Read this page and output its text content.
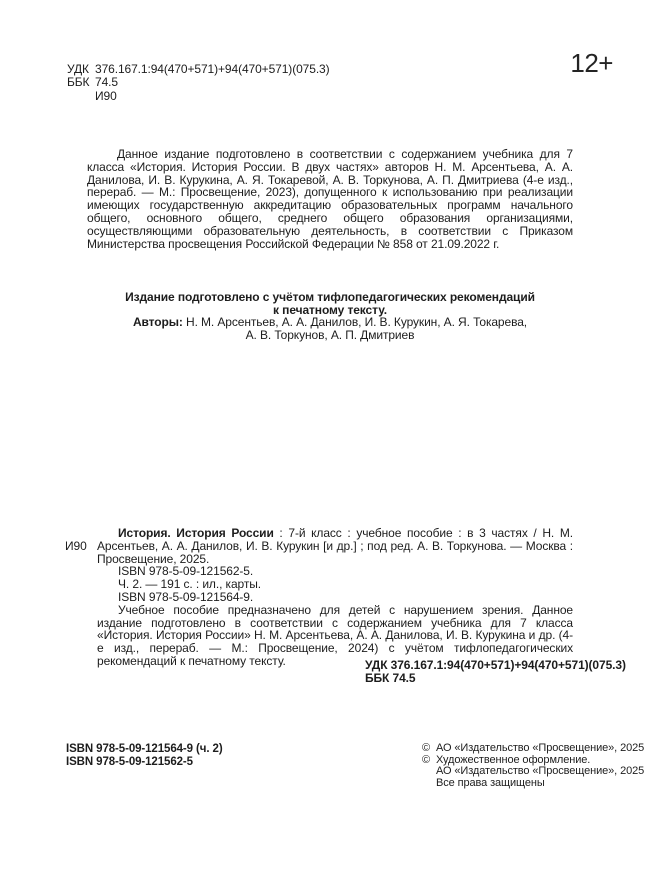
УДК 376.167.1:94(470+571)+94(470+571)(075.3)
ББК 74.5
И90
12+
Данное издание подготовлено в соответствии с содержанием учебника для 7 класса «История. История России. В двух частях» авторов Н. М. Арсентьева, А. А. Данилова, И. В. Курукина, А. Я. Токаревой, А. В. Торкунова, А. П. Дмитриева (4-е изд., перераб. — М.: Просвещение, 2023), допущенного к использованию при реализации имеющих государственную аккредитацию образовательных программ начального общего, основного общего, среднего общего образования организациями, осуществляющими образовательную деятельность, в соответствии с Приказом Министерства просвещения Российской Федерации № 858 от 21.09.2022 г.
Издание подготовлено с учётом тифлопедагогических рекомендаций
к печатному тексту.
Авторы: Н. М. Арсентьев, А. А. Данилов, И. В. Курукин, А. Я. Токарева,
А. В. Торкунов, А. П. Дмитриев
И90

История. История России : 7-й класс : учебное пособие : в 3 частях / Н. М. Арсентьев, А. А. Данилов, И. В. Курукин [и др.] ; под ред. А. В. Торкунова. — Москва : Просвещение, 2025.

ISBN 978-5-09-121562-5.
Ч. 2. — 191 с. : ил., карты.
ISBN 978-5-09-121564-9.

Учебное пособие предназначено для детей с нарушением зрения. Данное издание подготовлено в соответствии с содержанием учебника для 7 класса «История. История России» Н. М. Арсентьева, А. А. Данилова, И. В. Курукина и др. (4-е изд., перераб. — М.: Просвещение, 2024) с учётом тифлопедагогических рекомендаций к печатному тексту.	УДК 376.167.1:94(470+571)+94(470+571)(075.3)
ББК 74.5
ISBN 978-5-09-121564-9 (ч. 2)
ISBN 978-5-09-121562-5
© АО «Издательство «Просвещение», 2025
© Художественное оформление.
АО «Издательство «Просвещение», 2025
Все права защищены
